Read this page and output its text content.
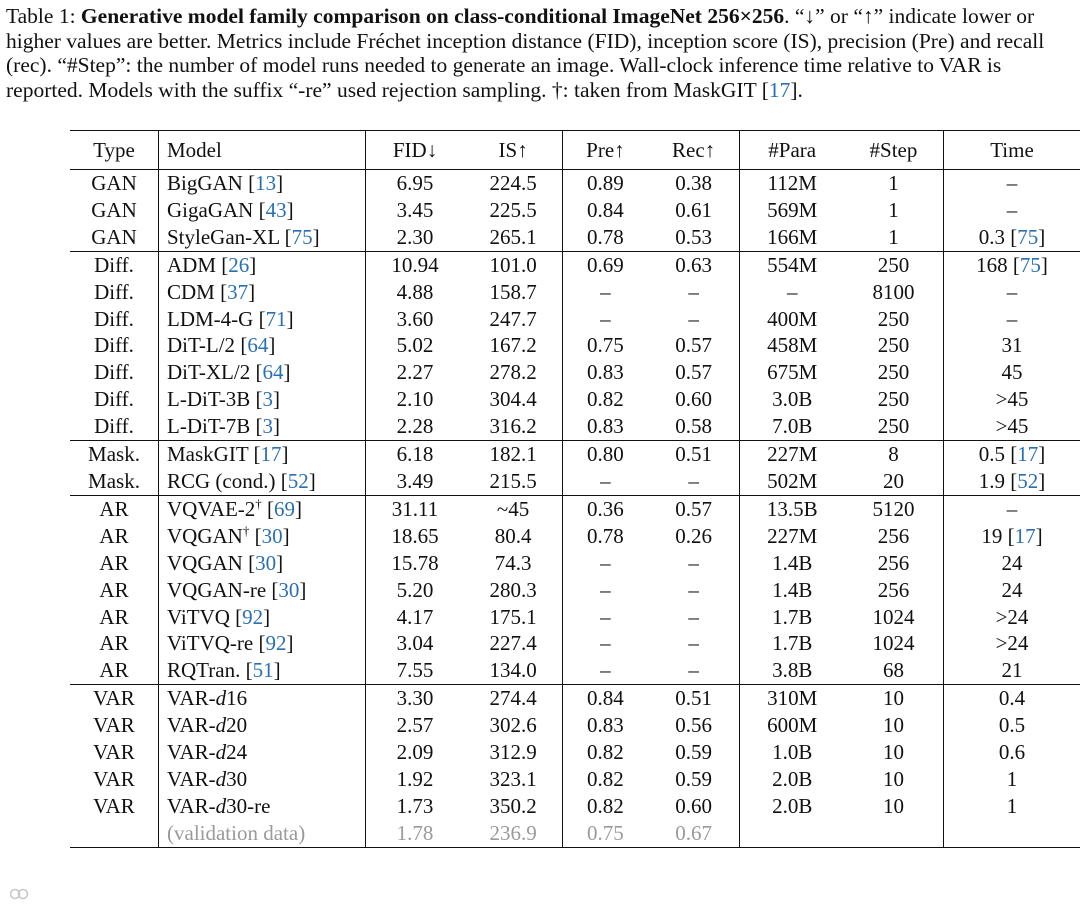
Table 1: Generative model family comparison on class-conditional ImageNet 256×256. “↓” or “↑” indicate lower or higher values are better. Metrics include Fréchet inception distance (FID), inception score (IS), precision (Pre) and recall (rec). “#Step”: the number of model runs needed to generate an image. Wall-clock inference time relative to VAR is reported. Models with the suffix “-re” used rejection sampling. †: taken from MaskGIT [17].
Type	Model	FID↓	IS↑	Pre↑	Rec↑	#Para	#Step	Time
GAN	BigGAN [13]	6.95	224.5	0.89	0.38	112M	1	–
GAN	GigaGAN [43]	3.45	225.5	0.84	0.61	569M	1	–
GAN	StyleGan-XL [75]	2.30	265.1	0.78	0.53	166M	1	0.3 [75]
Diff.	ADM [26]	10.94	101.0	0.69	0.63	554M	250	168 [75]
Diff.	CDM [37]	4.88	158.7	–	–	–	8100	–
Diff.	LDM-4-G [71]	3.60	247.7	–	–	400M	250	–
Diff.	DiT-L/2 [64]	5.02	167.2	0.75	0.57	458M	250	31
Diff.	DiT-XL/2 [64]	2.27	278.2	0.83	0.57	675M	250	45
Diff.	L-DiT-3B [3]	2.10	304.4	0.82	0.60	3.0B	250	>45
Diff.	L-DiT-7B [3]	2.28	316.2	0.83	0.58	7.0B	250	>45
Mask.	MaskGIT [17]	6.18	182.1	0.80	0.51	227M	8	0.5 [17]
Mask.	RCG (cond.) [52]	3.49	215.5	–	–	502M	20	1.9 [52]
AR	VQVAE-2† [69]	31.11	~45	0.36	0.57	13.5B	5120	–
AR	VQGAN† [30]	18.65	80.4	0.78	0.26	227M	256	19 [17]
AR	VQGAN [30]	15.78	74.3	–	–	1.4B	256	24
AR	VQGAN-re [30]	5.20	280.3	–	–	1.4B	256	24
AR	ViTVQ [92]	4.17	175.1	–	–	1.7B	1024	>24
AR	ViTVQ-re [92]	3.04	227.4	–	–	1.7B	1024	>24
AR	RQTran. [51]	7.55	134.0	–	–	3.8B	68	21
VAR	VAR-d16	3.30	274.4	0.84	0.51	310M	10	0.4
VAR	VAR-d20	2.57	302.6	0.83	0.56	600M	10	0.5
VAR	VAR-d24	2.09	312.9	0.82	0.59	1.0B	10	0.6
VAR	VAR-d30	1.92	323.1	0.82	0.59	2.0B	10	1
VAR	VAR-d30-re	1.73	350.2	0.82	0.60	2.0B	10	1
	(validation data)	1.78	236.9	0.75	0.67			
